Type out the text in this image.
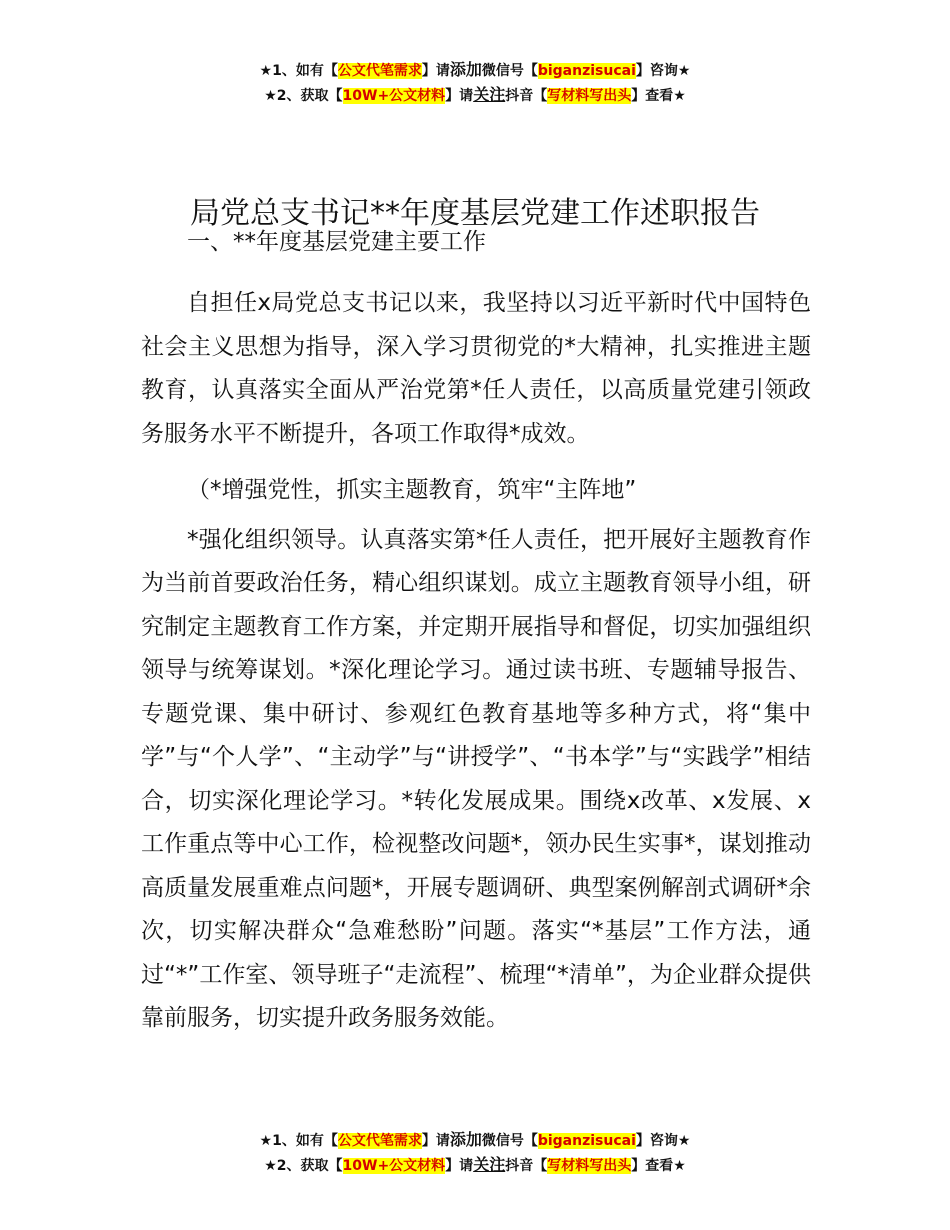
★1、如有【公文代笔需求】请添加微信号【biganzisucai】咨询★
★2、获取【10W+公文材料】请关注抖音【写材料写出头】查看★
局党总支书记**年度基层党建工作述职报告

一、**年度基层党建主要工作

自担任x局党总支书记以来，我坚持以习近平新时代中国特色社会主义思想为指导，深入学习贯彻党的*大精神，扎实推进主题教育，认真落实全面从严治党第*任人责任，以高质量党建引领政务服务水平不断提升，各项工作取得*成效。

（*增强党性，抓实主题教育，筑牢“主阵地”

*强化组织领导。认真落实第*任人责任，把开展好主题教育作为当前首要政治任务，精心组织谋划。成立主题教育领导小组，研究制定主题教育工作方案，并定期开展指导和督促，切实加强组织领导与统筹谋划。*深化理论学习。通过读书班、专题辅导报告、专题党课、集中研讨、参观红色教育基地等多种方式，将“集中学”与“个人学”、“主动学”与“讲授学”、“书本学”与“实践学”相结合，切实深化理论学习。*转化发展成果。围绕x改革、x发展、x工作重点等中心工作，检视整改问题*，领办民生实事*，谋划推动高质量发展重难点问题*，开展专题调研、典型案例解剖式调研*余次，切实解决群众“急难愁盼”问题。落实“*基层”工作方法，通过“*”工作室、领导班子“走流程”、梳理“*清单”，为企业群众提供靠前服务，切实提升政务服务效能。

★1、如有【公文代笔需求】请添加微信号【biganzisucai】咨询★
★2、获取【10W+公文材料】请关注抖音【写材料写出头】查看★
